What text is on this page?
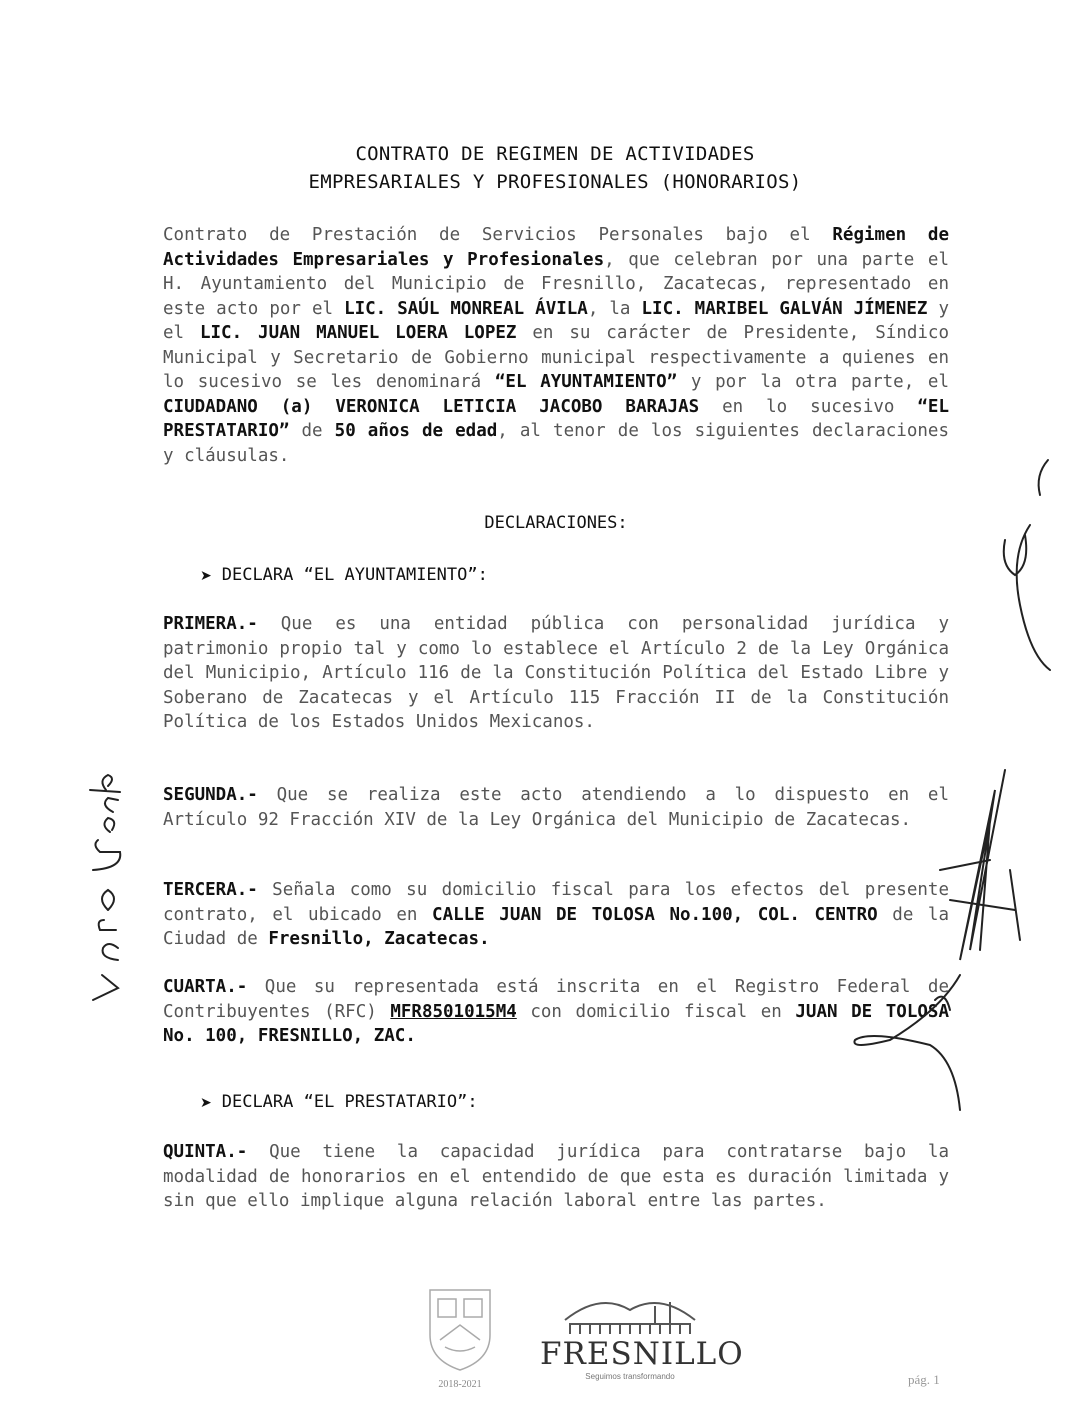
CONTRATO DE REGIMEN DE ACTIVIDADES
EMPRESARIALES Y PROFESIONALES (HONORARIOS)
Contrato de Prestación de Servicios Personales bajo el Régimen de Actividades Empresariales y Profesionales, que celebran por una parte el H. Ayuntamiento del Municipio de Fresnillo, Zacatecas, representado en este acto por el LIC. SAÚL MONREAL ÁVILA, la LIC. MARIBEL GALVÁN JÍMENEZ y el LIC. JUAN MANUEL LOERA LOPEZ en su carácter de Presidente, Síndico Municipal y Secretario de Gobierno municipal respectivamente a quienes en lo sucesivo se les denominará “EL AYUNTAMIENTO” y por la otra parte, el CIUDADANO (a) VERONICA LETICIA JACOBO BARAJAS en lo sucesivo “EL PRESTATARIO” de 50 años de edad, al tenor de los siguientes declaraciones y cláusulas.
DECLARACIONES:
➤ DECLARA “EL AYUNTAMIENTO”:
PRIMERA.- Que es una entidad pública con personalidad jurídica y patrimonio propio tal y como lo establece el Artículo 2 de la Ley Orgánica del Municipio, Artículo 116 de la Constitución Política del Estado Libre y Soberano de Zacatecas y el Artículo 115 Fracción II de la Constitución Política de los Estados Unidos Mexicanos.
SEGUNDA.- Que se realiza este acto atendiendo a lo dispuesto en el Artículo 92 Fracción XIV de la Ley Orgánica del Municipio de Zacatecas.
TERCERA.- Señala como su domicilio fiscal para los efectos del presente contrato, el ubicado en CALLE JUAN DE TOLOSA No.100, COL. CENTRO de la Ciudad de Fresnillo, Zacatecas.
CUARTA.- Que su representada está inscrita en el Registro Federal de Contribuyentes (RFC) MFR8501015M4 con domicilio fiscal en JUAN DE TOLOSA No. 100, FRESNILLO, ZAC.
➤ DECLARA “EL PRESTATARIO”:
QUINTA.- Que tiene la capacidad jurídica para contratarse bajo la modalidad de honorarios en el entendido de que esta es duración limitada y sin que ello implique alguna relación laboral entre las partes.
2018-2021
FRESNILLO
Seguimos transformando	pág. 1
